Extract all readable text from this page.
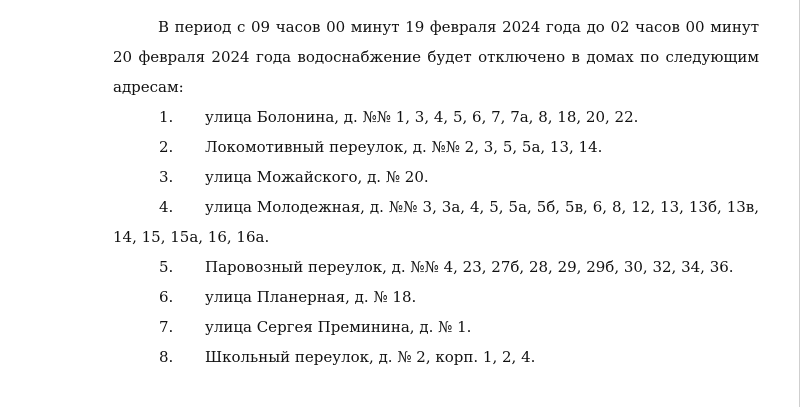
В период с 09 часов 00 минут 19 февраля 2024 года до 02 часов 00 минут 20 февраля 2024 года водоснабжение будет отключено в домах по следующим адресам:

1. улица Болонина, д. №№ 1, 3, 4, 5, 6, 7, 7а, 8, 18, 20, 22.
2. Локомотивный переулок, д. №№ 2, 3, 5, 5а, 13, 14.
3. улица Можайского, д. № 20.
4. улица Молодежная, д. №№ 3, 3а, 4, 5, 5а, 5б, 5в, 6, 8, 12, 13, 13б, 13в, 14, 15, 15а, 16, 16а.
5. Паровозный переулок, д. №№ 4, 23, 27б, 28, 29, 29б, 30, 32, 34, 36.
6. улица Планерная, д. № 18.
7. улица Сергея Преминина, д. № 1.
8. Школьный переулок, д. № 2, корп. 1, 2, 4.
